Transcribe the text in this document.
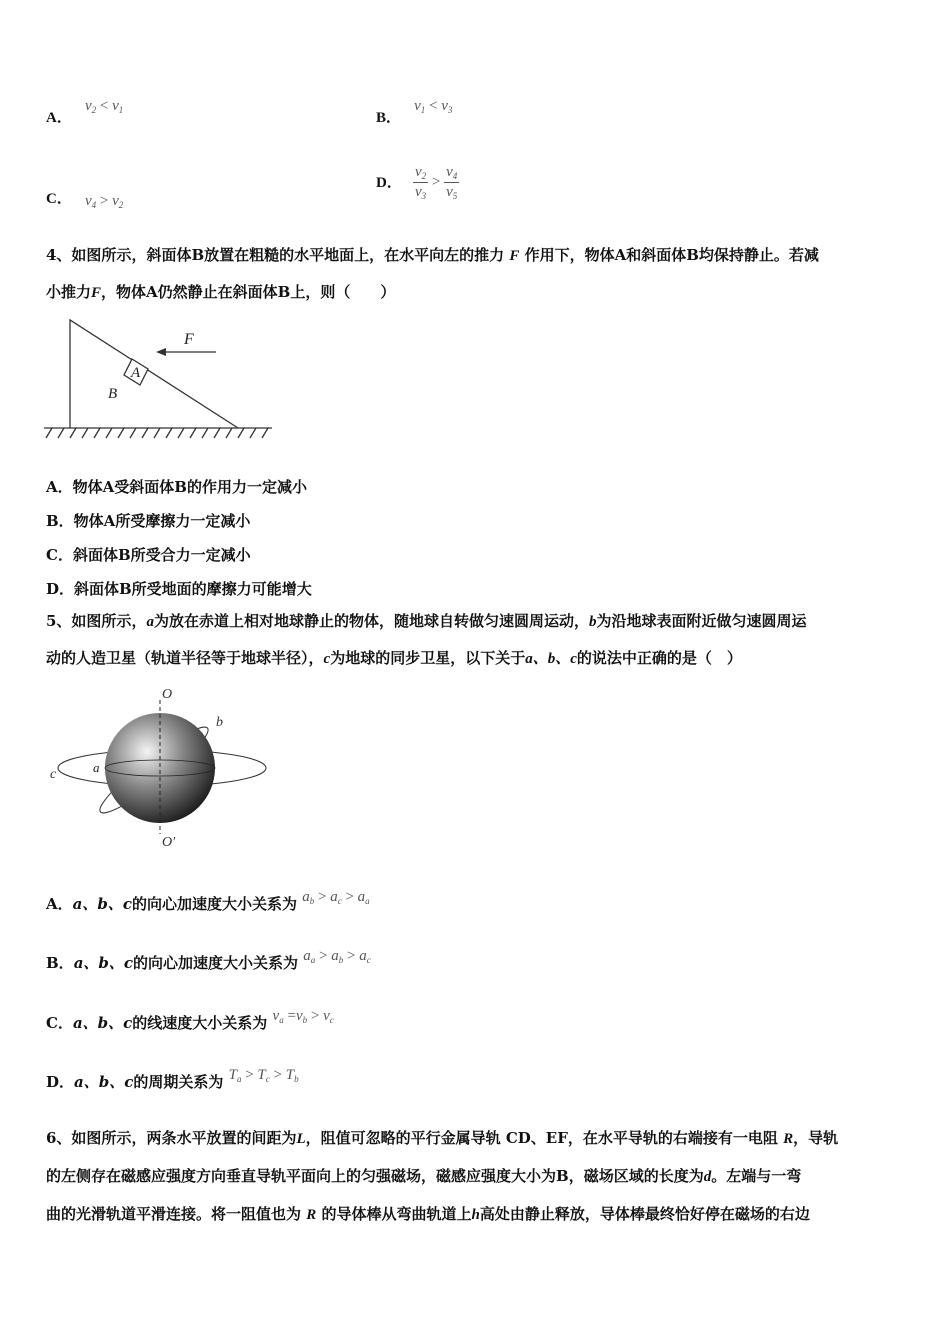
A． $v_2 < v_1$	B． $v_1 < v_3$
C． $v_4 > v_2$
D． $\frac{v_2}{v_3} > \frac{v_4}{v_5}$
4、如图所示，斜面体B放置在粗糙的水平地面上，在水平向左的推力 F 作用下，物体A和斜面体B均保持静止。若减
小推力F，物体A仍然静止在斜面体B上，则（　　）
A
B
F
A．物体A受斜面体B的作用力一定减小
B．物体A所受摩擦力一定减小
C．斜面体B所受合力一定减小
D．斜面体B所受地面的摩擦力可能增大
5、如图所示，a为放在赤道上相对地球静止的物体，随地球自转做匀速圆周运动，b为沿地球表面附近做匀速圆周运
动的人造卫星（轨道半径等于地球半径），c为地球的同步卫星，以下关于a、b、c的说法中正确的是（　）
O
O′
a
b
c
A．a、b、c的向心加速度大小关系为 $a_b > a_c > a_a$
B．a、b、c的向心加速度大小关系为 $a_a > a_b > a_c$
C．a、b、c的线速度大小关系为 $v_a =v_b > v_c$
D．a、b、c的周期关系为 $T_a > T_c > T_b$
6、如图所示，两条水平放置的间距为L，阻值可忽略的平行金属导轨 CD、EF，在水平导轨的右端接有一电阻 R，导轨
的左侧存在磁感应强度方向垂直导轨平面向上的匀强磁场，磁感应强度大小为B，磁场区域的长度为d。左端与一弯
曲的光滑轨道平滑连接。将一阻值也为 R 的导体棒从弯曲轨道上h高处由静止释放，导体棒最终恰好停在磁场的右边
